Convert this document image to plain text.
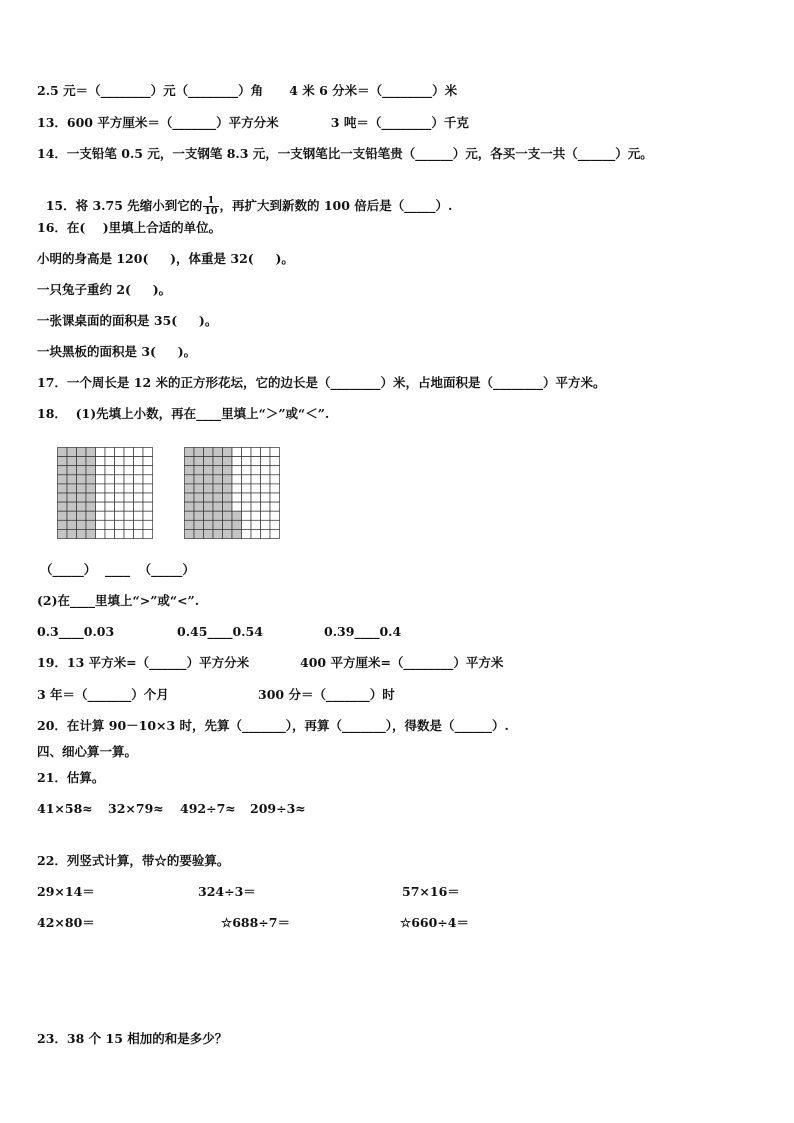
2.5 元＝（________）元（________）角      4 米 6 分米＝（________）米
13．600 平方厘米＝（_______）平方分米            3 吨＝（________）千克
14．一支铅笔 0.5 元，一支钢笔 8.3 元，一支钢笔比一支铅笔贵（______）元，各买一支一共（______）元。

15．将 3.75 先缩小到它的 $\frac{1}{10}$ ，再扩大到新数的 100 倍后是（_____）.

16．在(    )里填上合适的单位。
小明的身高是 120(     )，体重是 32(     )。
一只兔子重约 2(     )。
一张课桌面的面积是 35(     )。
一块黑板的面积是 3(     )。
17．一个周长是 12 米的正方形花坛，它的边长是（________）米，占地面积是（________）平方米。
18．  (1)先填上小数，再在____里填上“＞”或“＜”.
（_____）  ____  （_____）
(2)在____里填上“>”或“<”.
0.3____0.03	0.45____0.54	0.39____0.4
19．13 平方米=（______）平方分米	400 平方厘米=（________）平方米
3 年＝（_______）个月	300 分＝（_______）时
20．在计算 90－10×3 时，先算（_______），再算（_______），得数是（______）.
四、细心算一算。
21．估算。
41×58≈ 32×79≈ 492÷7≈ 209÷3≈
22．列竖式计算，带☆的要验算。
29×14＝	324÷3＝	57×16＝
42×80＝	☆688÷7＝	☆660÷4＝
23．38 个 15 相加的和是多少？
